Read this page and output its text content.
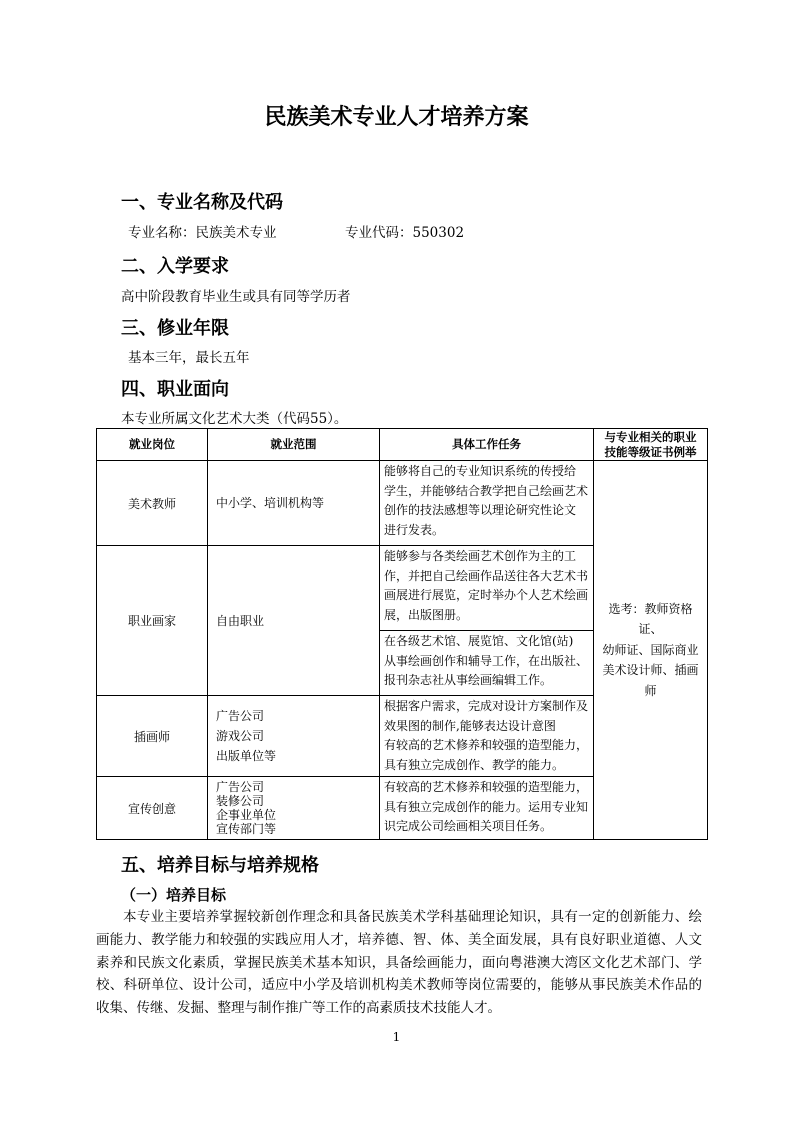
民族美术专业人才培养方案
一、专业名称及代码
专业名称：民族美术专业	专业代码：550302
二、入学要求
高中阶段教育毕业生或具有同等学历者
三、修业年限
基本三年，最长五年
四、职业面向
本专业所属文化艺术大类（代码55）。
就业岗位	就业范围	具体工作任务	与专业相关的职业
技能等级证书例举

美术教师	中小学、培训机构等	能够将自己的专业知识系统的传授给
学生，并能够结合教学把自己绘画艺术
创作的技法感想等以理论研究性论文
进行发表。	选考：教师资格证、
幼师证、国际商业
美术设计师、插画
师

职业画家	自由职业	能够参与各类绘画艺术创作为主的工
作，并把自己绘画作品送往各大艺术书
画展进行展览，定时举办个人艺术绘画
展，出版图册。	

		在各级艺术馆、展览馆、文化馆(站)
从事绘画创作和辅导工作，在出版社、
报刊杂志社从事绘画编辑工作。	

插画师	广告公司
游戏公司
出版单位等	根据客户需求，完成对设计方案制作及
效果图的制作,能够表达设计意图
有较高的艺术修养和较强的造型能力，
具有独立完成创作、教学的能力。	

宣传创意	广告公司
装修公司
企事业单位
宣传部门等	有较高的艺术修养和较强的造型能力，
具有独立完成创作的能力。运用专业知
识完成公司绘画相关项目任务。	
五、培养目标与培养规格
（一）培养目标
本专业主要培养掌握较新创作理念和具备民族美术学科基础理论知识，具有一定的创新能力、绘画能力、教学能力和较强的实践应用人才，培养德、智、体、美全面发展，具有良好职业道德、人文素养和民族文化素质，掌握民族美术基本知识，具备绘画能力，面向粤港澳大湾区文化艺术部门、学校、科研单位、设计公司，适应中小学及培训机构美术教师等岗位需要的，能够从事民族美术作品的收集、传继、发掘、整理与制作推广等工作的高素质技术技能人才。
1
